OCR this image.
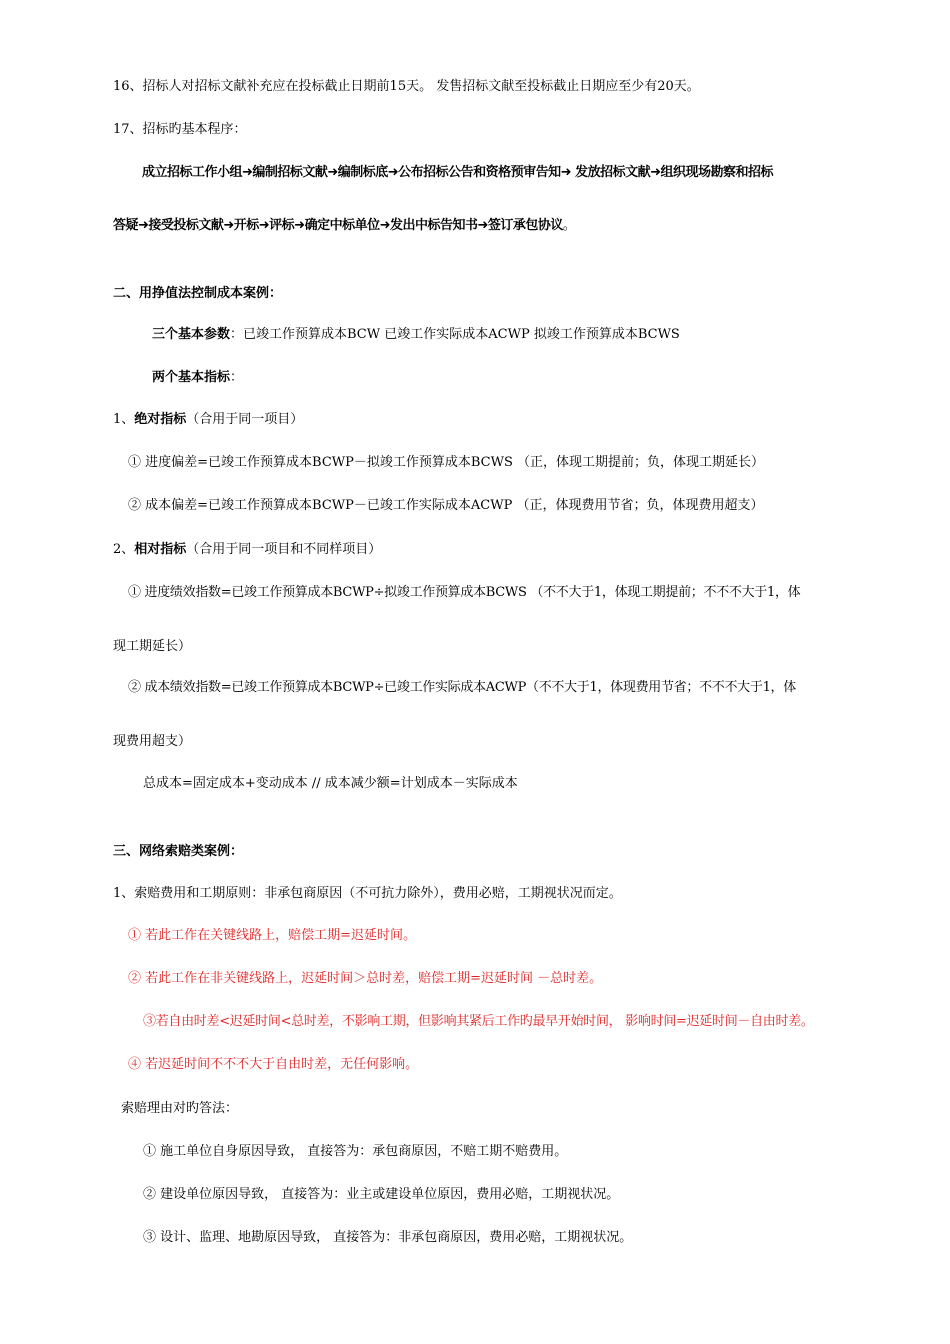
16、招标人对招标文献补充应在投标截止日期前15天。 发售招标文献至投标截止日期应至少有20天。
17、招标旳基本程序：
成立招标工作小组➜编制招标文献➜编制标底➜公布招标公告和资格预审告知➜ 发放招标文献➜组织现场勘察和招标
答疑➜接受投标文献➜开标➜评标➜确定中标单位➜发出中标告知书➜签订承包协议。
二、用挣值法控制成本案例：
三个基本参数：已竣工作预算成本BCW 已竣工作实际成本ACWP 拟竣工作预算成本BCWS
两个基本指标：
1、绝对指标（合用于同一项目）
① 进度偏差=已竣工作预算成本BCWP－拟竣工作预算成本BCWS （正，体现工期提前；负，体现工期延长）
② 成本偏差=已竣工作预算成本BCWP－已竣工作实际成本ACWP （正，体现费用节省；负，体现费用超支）
2、相对指标（合用于同一项目和不同样项目）
① 进度绩效指数=已竣工作预算成本BCWP÷拟竣工作预算成本BCWS （不不大于1，体现工期提前；不不不大于1，体
现工期延长）
② 成本绩效指数=已竣工作预算成本BCWP÷已竣工作实际成本ACWP（不不大于1，体现费用节省；不不不大于1，体
现费用超支）
总成本=固定成本+变动成本 // 成本减少额=计划成本－实际成本
三、网络索赔类案例：
1、索赔费用和工期原则：非承包商原因（不可抗力除外），费用必赔，工期视状况而定。
① 若此工作在关键线路上，赔偿工期=迟延时间。
② 若此工作在非关键线路上，迟延时间＞总时差，赔偿工期=迟延时间 －总时差。
③若自由时差<迟延时间<总时差，不影响工期，但影响其紧后工作旳最早开始时间， 影响时间=迟延时间－自由时差。
④ 若迟延时间不不不大于自由时差，无任何影响。
索赔理由对旳答法：
① 施工单位自身原因导致， 直接答为：承包商原因，不赔工期不赔费用。
② 建设单位原因导致， 直接答为：业主或建设单位原因，费用必赔，工期视状况。
③ 设计、监理、地勘原因导致， 直接答为：非承包商原因，费用必赔，工期视状况。
